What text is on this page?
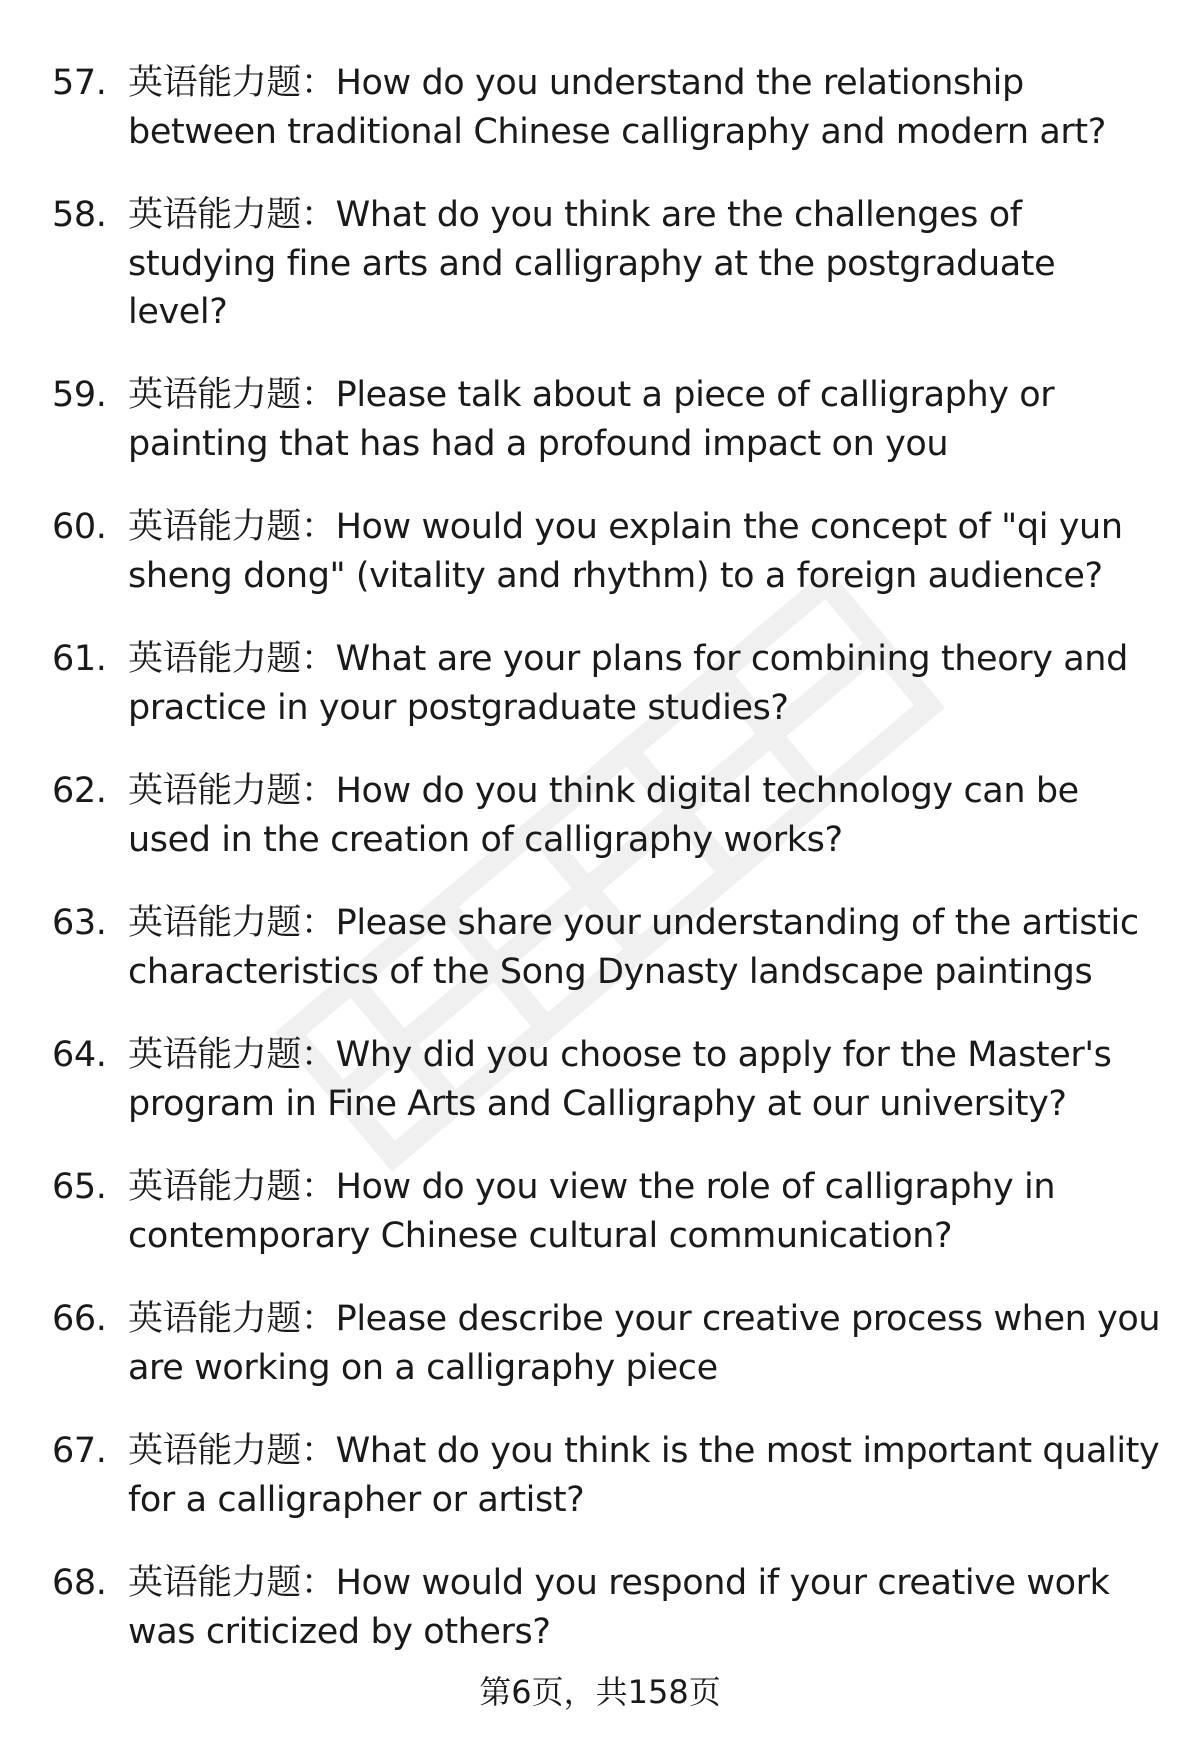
57. 英语能力题：How do you understand the relationship between traditional Chinese calligraphy and modern art?
58. 英语能力题：What do you think are the challenges of studying fine arts and calligraphy at the postgraduate level?
59. 英语能力题：Please talk about a piece of calligraphy or painting that has had a profound impact on you
60. 英语能力题：How would you explain the concept of "qi yun sheng dong" (vitality and rhythm) to a foreign audience?
61. 英语能力题：What are your plans for combining theory and practice in your postgraduate studies?
62. 英语能力题：How do you think digital technology can be used in the creation of calligraphy works?
63. 英语能力题：Please share your understanding of the artistic characteristics of the Song Dynasty landscape paintings
64. 英语能力题：Why did you choose to apply for the Master's program in Fine Arts and Calligraphy at our university?
65. 英语能力题：How do you view the role of calligraphy in contemporary Chinese cultural communication?
66. 英语能力题：Please describe your creative process when you are working on a calligraphy piece
67. 英语能力题：What do you think is the most important quality for a calligrapher or artist?
68. 英语能力题：How would you respond if your creative work was criticized by others?
第6页，共158页
